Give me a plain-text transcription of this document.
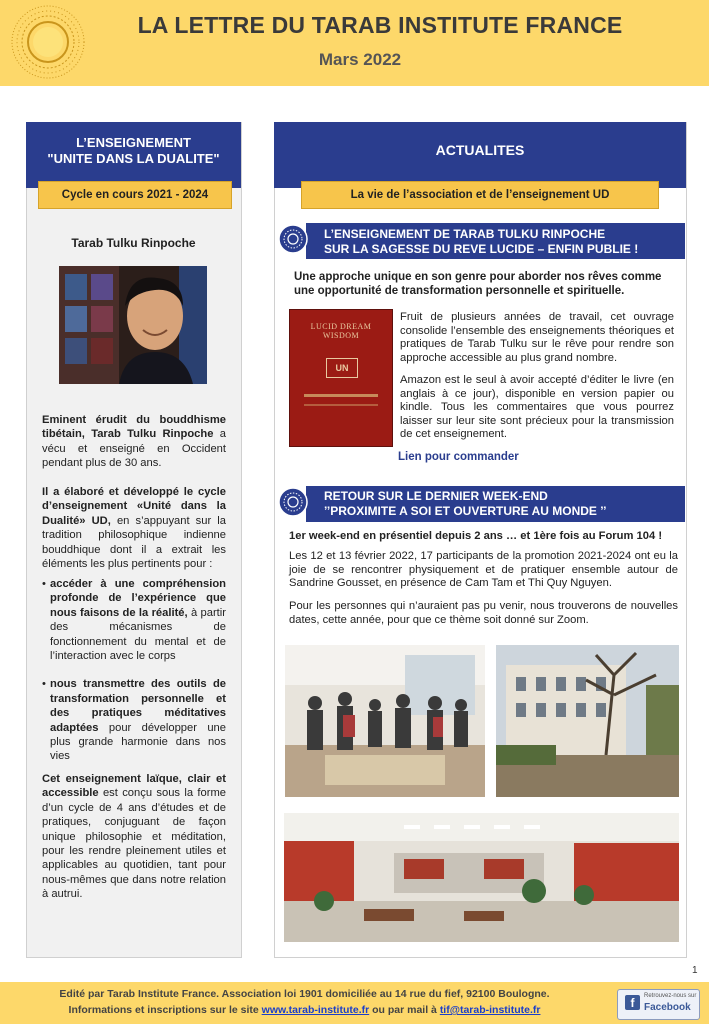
LA LETTRE DU TARAB INSTITUTE FRANCE
Mars 2022
L’ENSEIGNEMENT
"UNITE DANS LA DUALITE"
Cycle en cours 2021 - 2024
Tarab Tulku Rinpoche
Eminent érudit du bouddhisme tibétain, Tarab Tulku Rinpoche a vécu et enseigné en Occident pendant plus de 30 ans.
Il a élaboré et développé le cycle d’enseignement «Unité dans la Dualité» UD, en s’appuyant sur la tradition philosophique indienne bouddhique dont il a extrait les éléments les plus pertinents pour :
• accéder à une compréhension profonde de l’expérience que nous faisons de la réalité, à partir des mécanismes de fonctionnement du mental et de l’interaction avec le corps
• nous transmettre des outils de transformation personnelle et des pratiques méditatives adaptées pour développer une plus grande harmonie dans nos vies
Cet enseignement laïque, clair et accessible est conçu sous la forme d’un cycle de 4 ans d’études et de pratiques, conjuguant de façon unique philosophie et méditation, pour les rendre pleinement utiles et applicables au quotidien, tant pour nous-mêmes que dans notre relation à autrui.
ACTUALITES
La vie de l’association et de l’enseignement UD
L’ENSEIGNEMENT DE TARAB TULKU RINPOCHE
SUR LA SAGESSE DU REVE LUCIDE – ENFIN PUBLIE !
Une approche unique en son genre pour aborder nos rêves comme une opportunité de transformation personnelle et spirituelle.
LUCID DREAM WISDOM
UN
Fruit de plusieurs années de travail, cet ouvrage consolide l’ensemble des enseignements théoriques et pratiques de Tarab Tulku sur le rêve pour rendre son approche accessible au plus grand nombre.
Amazon est le seul à avoir accepté d’éditer le livre (en anglais à ce jour), disponible en version papier ou kindle. Tous les commentaires que vous pourrez laisser sur leur site sont précieux pour la transmission de cet enseignement.
Lien pour commander
RETOUR SUR LE DERNIER WEEK-END
’’PROXIMITE A SOI ET OUVERTURE AU MONDE ’’
1er week-end en présentiel depuis 2 ans … et 1ère fois au Forum 104 !
Les 12 et 13 février 2022, 17 participants de la promotion 2021-2024 ont eu la joie de se rencontrer physiquement et de pratiquer ensemble autour de Sandrine Gousset, en présence de Cam Tam et Thi Quy Nguyen.
Pour les personnes qui n’auraient pas pu venir, nous trouverons de nouvelles dates, cette année, pour que ce thème soit donné sur Zoom.
1
Edité par Tarab Institute France. Association loi 1901 domiciliée au 14 rue du fief, 92100 Boulogne.
Informations et inscriptions sur le site www.tarab-institute.fr ou par mail à tif@tarab-institute.fr	f	Retrouvez-nous sur
Facebook
